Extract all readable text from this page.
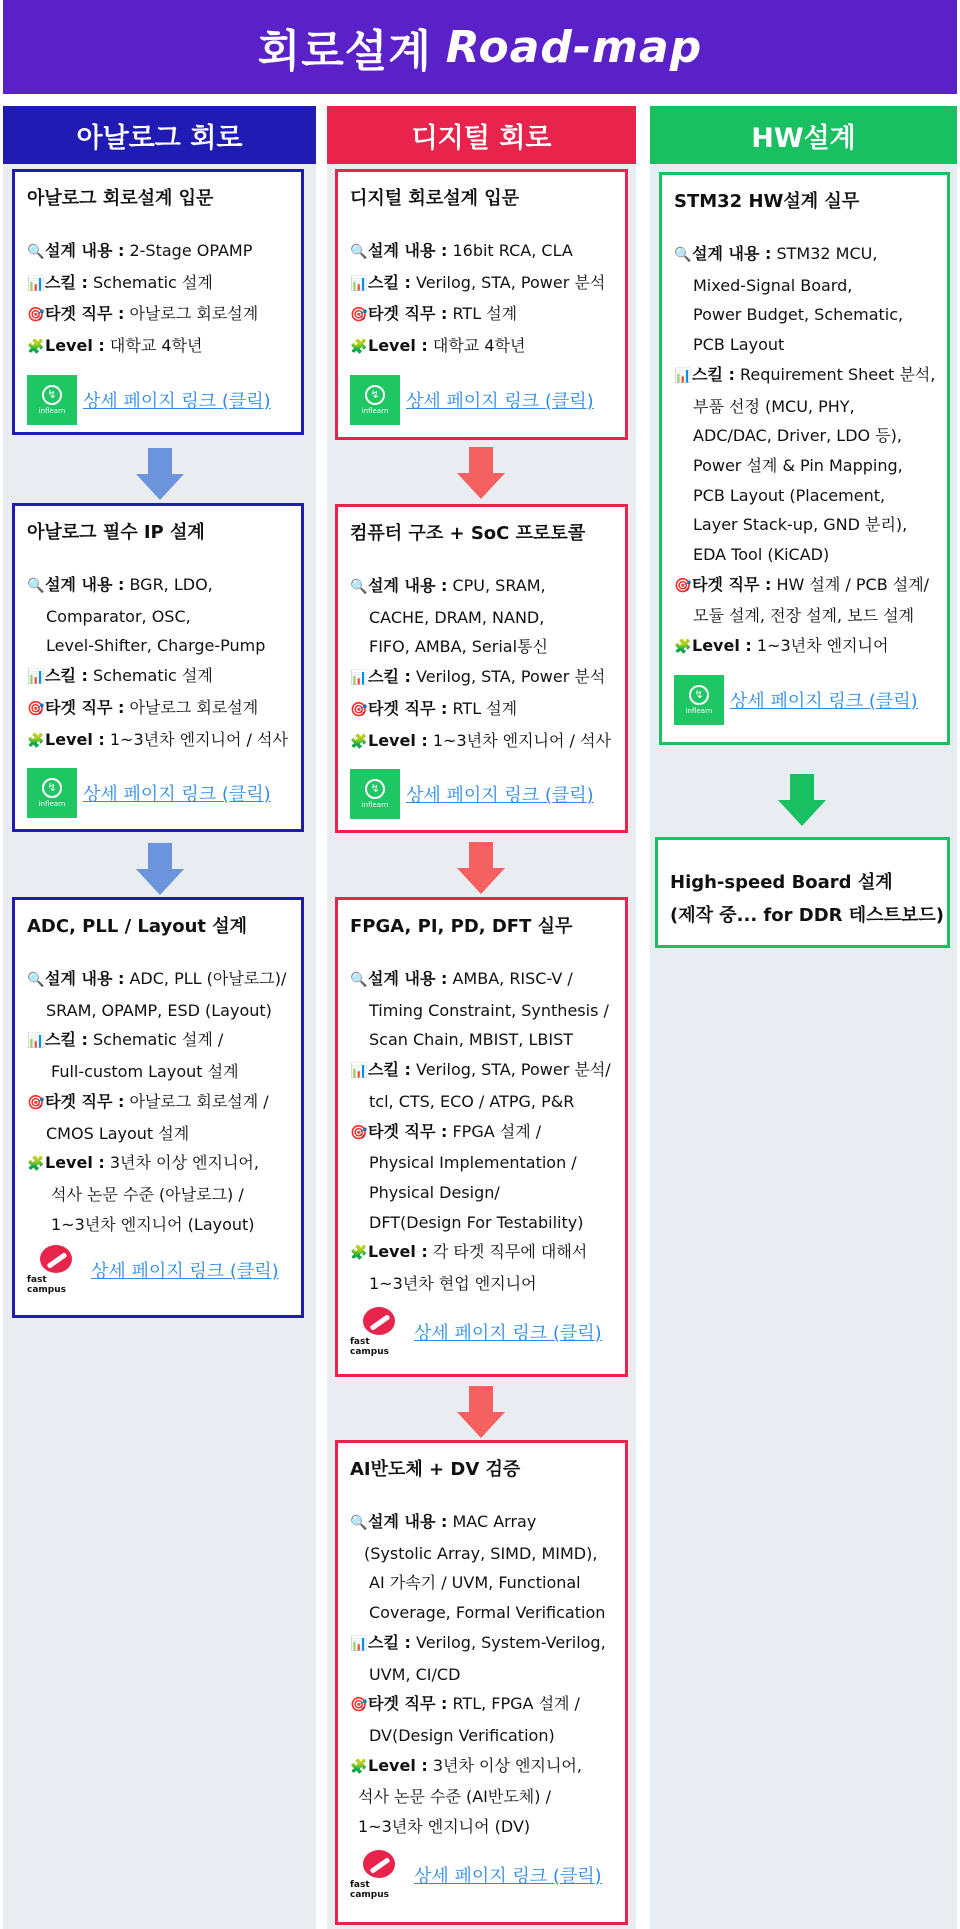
회로설계 Road-map
아날로그 회로
아날로그 회로설계 입문
🔍설계 내용 : 2-Stage OPAMP
📊스킬 : Schematic 설계
🎯타겟 직무 : 아날로그 회로설계
🧩Level : 대학교 4학년
↯
inflearn 상세 페이지 링크 (클릭)
아날로그 필수 IP 설계
🔍설계 내용 : BGR, LDO,
Comparator, OSC,
Level-Shifter, Charge-Pump
📊스킬 : Schematic 설계
🎯타겟 직무 : 아날로그 회로설계
🧩Level : 1~3년차 엔지니어 / 석사
↯
inflearn 상세 페이지 링크 (클릭)
ADC, PLL / Layout 설계
🔍설계 내용 : ADC, PLL (아날로그)/
SRAM, OPAMP, ESD (Layout)
📊스킬 : Schematic 설계 /
Full-custom Layout 설계
🎯타겟 직무 : 아날로그 회로설계 /
CMOS Layout 설계
🧩Level : 3년차 이상 엔지니어,
석사 논문 수준 (아날로그) /
1~3년차 엔지니어 (Layout)
fast campus
상세 페이지 링크 (클릭)
디지털 회로
디지털 회로설계 입문
🔍설계 내용 : 16bit RCA, CLA
📊스킬 : Verilog, STA, Power 분석
🎯타겟 직무 : RTL 설계
🧩Level : 대학교 4학년
↯
inflearn 상세 페이지 링크 (클릭)
컴퓨터 구조 + SoC 프로토콜
🔍설계 내용 : CPU, SRAM,
CACHE, DRAM, NAND,
FIFO, AMBA, Serial통신
📊스킬 : Verilog, STA, Power 분석
🎯타겟 직무 : RTL 설계
🧩Level : 1~3년차 엔지니어 / 석사
↯
inflearn 상세 페이지 링크 (클릭)
FPGA, PI, PD, DFT 실무
🔍설계 내용 : AMBA, RISC-V /
Timing Constraint, Synthesis /
Scan Chain, MBIST, LBIST
📊스킬 : Verilog, STA, Power 분석/
tcl, CTS, ECO / ATPG, P&R
🎯타겟 직무 : FPGA 설계 /
Physical Implementation /
Physical Design/
DFT(Design For Testability)
🧩Level : 각 타겟 직무에 대해서
1~3년차 현업 엔지니어
fast campus
상세 페이지 링크 (클릭)
AI반도체 + DV 검증
🔍설계 내용 : MAC Array
(Systolic Array, SIMD, MIMD),
AI 가속기 / UVM, Functional
Coverage, Formal Verification
📊스킬 : Verilog, System-Verilog,
UVM, CI/CD
🎯타겟 직무 : RTL, FPGA 설계 /
DV(Design Verification)
🧩Level : 3년차 이상 엔지니어,
석사 논문 수준 (AI반도체) /
1~3년차 엔지니어 (DV)
fast campus
상세 페이지 링크 (클릭)
HW설계
STM32 HW설계 실무
🔍설계 내용 : STM32 MCU,
Mixed-Signal Board,
Power Budget, Schematic,
PCB Layout
📊스킬 : Requirement Sheet 분석,
부품 선정 (MCU, PHY,
ADC/DAC, Driver, LDO 등),
Power 설계 & Pin Mapping,
PCB Layout (Placement,
Layer Stack-up, GND 분리),
EDA Tool (KiCAD)
🎯타겟 직무 : HW 설계 / PCB 설계/
모듈 설계, 전장 설계, 보드 설계
🧩Level : 1~3년차 엔지니어
↯
inflearn 상세 페이지 링크 (클릭)
High-speed Board 설계
(제작 중... for DDR 테스트보드)
